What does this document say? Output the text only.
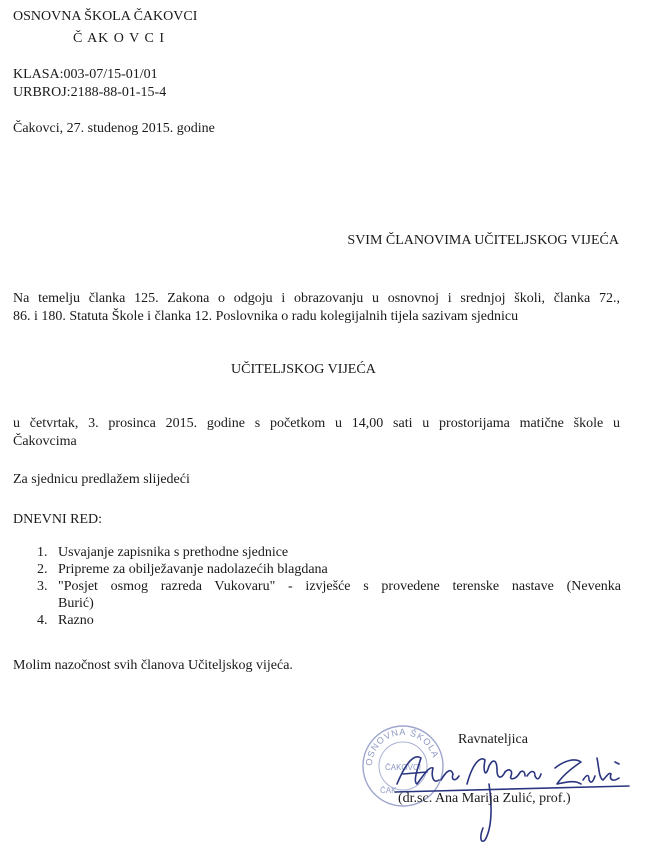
OSNOVNA ŠKOLA ČAKOVCI
Č AK O V C I
KLASA:003-07/15-01/01
URBROJ:2188-88-01-15-4
Čakovci, 27. studenog 2015. godine
SVIM ČLANOVIMA UČITELJSKOG VIJEĆA
Na temelju članka 125. Zakona o odgoju i obrazovanju u osnovnoj i srednjoj školi, članka 72.,
86. i 180. Statuta Škole i članka 12. Poslovnika o radu kolegijalnih tijela sazivam sjednicu
UČITELJSKOG VIJEĆA
u četvrtak, 3. prosinca 2015. godine s početkom u 14,00 sati u prostorijama matične škole u
Čakovcima
Za sjednicu predlažem slijedeći
DNEVNI RED:
1. Usvajanje zapisnika s prethodne sjednice
2. Pripreme za obilježavanje nadolazećih blagdana
3. "Posjet osmog razreda Vukovaru" - izvješće s provedene terenske nastave (Nevenka
Burić)
4. Razno
Molim nazočnost svih članova Učiteljskog vijeća.
Ravnateljica
OSNOVNA ŠKOLA
ČAKOVCI
ČAK
(dr.sc. Ana Marija Zulić, prof.)
